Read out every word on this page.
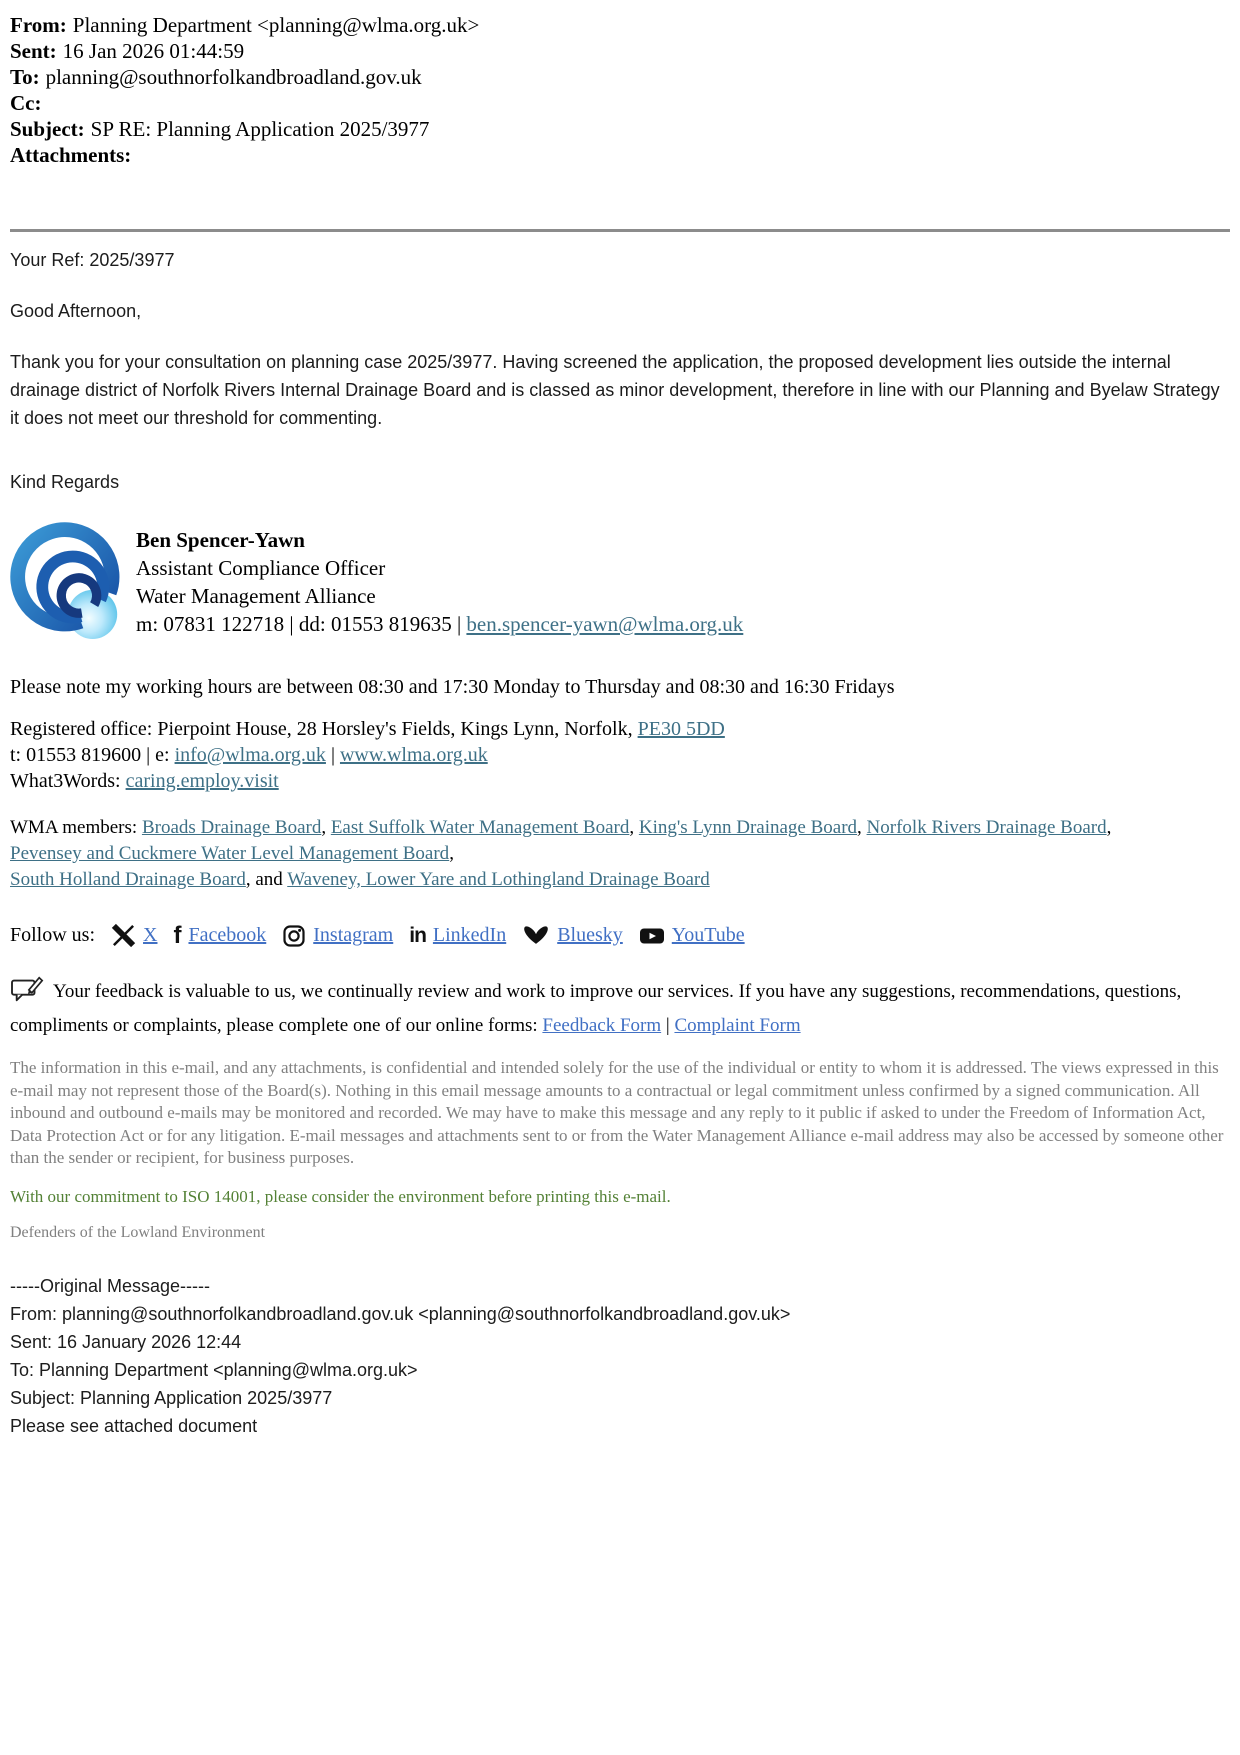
From: Planning Department <planning@wlma.org.uk>
Sent: 16 Jan 2026 01:44:59
To: planning@southnorfolkandbroadland.gov.uk
Cc:
Subject: SP RE: Planning Application 2025/3977
Attachments:
Your Ref: 2025/3977
Good Afternoon,
Thank you for your consultation on planning case 2025/3977. Having screened the application, the proposed development lies outside the internal drainage district of Norfolk Rivers Internal Drainage Board and is classed as minor development, therefore in line with our Planning and Byelaw Strategy it does not meet our threshold for commenting.
Kind Regards
Ben Spencer-Yawn
Assistant Compliance Officer
Water Management Alliance
m: 07831 122718 | dd: 01553 819635 | ben.spencer-yawn@wlma.org.uk
Please note my working hours are between 08:30 and 17:30 Monday to Thursday and 08:30 and 16:30 Fridays
Registered office: Pierpoint House, 28 Horsley's Fields, Kings Lynn, Norfolk, PE30 5DD
t: 01553 819600 | e: info@wlma.org.uk | www.wlma.org.uk
What3Words: caring.employ.visit
WMA members: Broads Drainage Board, East Suffolk Water Management Board, King's Lynn Drainage Board, Norfolk Rivers Drainage Board,
Pevensey and Cuckmere Water Level Management Board,
South Holland Drainage Board, and Waveney, Lower Yare and Lothingland Drainage Board
Follow us: X f Facebook Instagram in LinkedIn	Bluesky YouTube
Your feedback is valuable to us, we continually review and work to improve our services. If you have any suggestions, recommendations, questions, compliments or complaints, please complete one of our online forms: Feedback Form | Complaint Form
The information in this e-mail, and any attachments, is confidential and intended solely for the use of the individual or entity to whom it is addressed. The views expressed in this e-mail may not represent those of the Board(s). Nothing in this email message amounts to a contractual or legal commitment unless confirmed by a signed communication. All inbound and outbound e-mails may be monitored and recorded. We may have to make this message and any reply to it public if asked to under the Freedom of Information Act, Data Protection Act or for any litigation. E-mail messages and attachments sent to or from the Water Management Alliance e-mail address may also be accessed by someone other than the sender or recipient, for business purposes.
With our commitment to ISO 14001, please consider the environment before printing this e-mail.
Defenders of the Lowland Environment
-----Original Message-----
From: planning@southnorfolkandbroadland.gov.uk <planning@southnorfolkandbroadland.gov.uk>
Sent: 16 January 2026 12:44
To: Planning Department <planning@wlma.org.uk>
Subject: Planning Application 2025/3977
Please see attached document
